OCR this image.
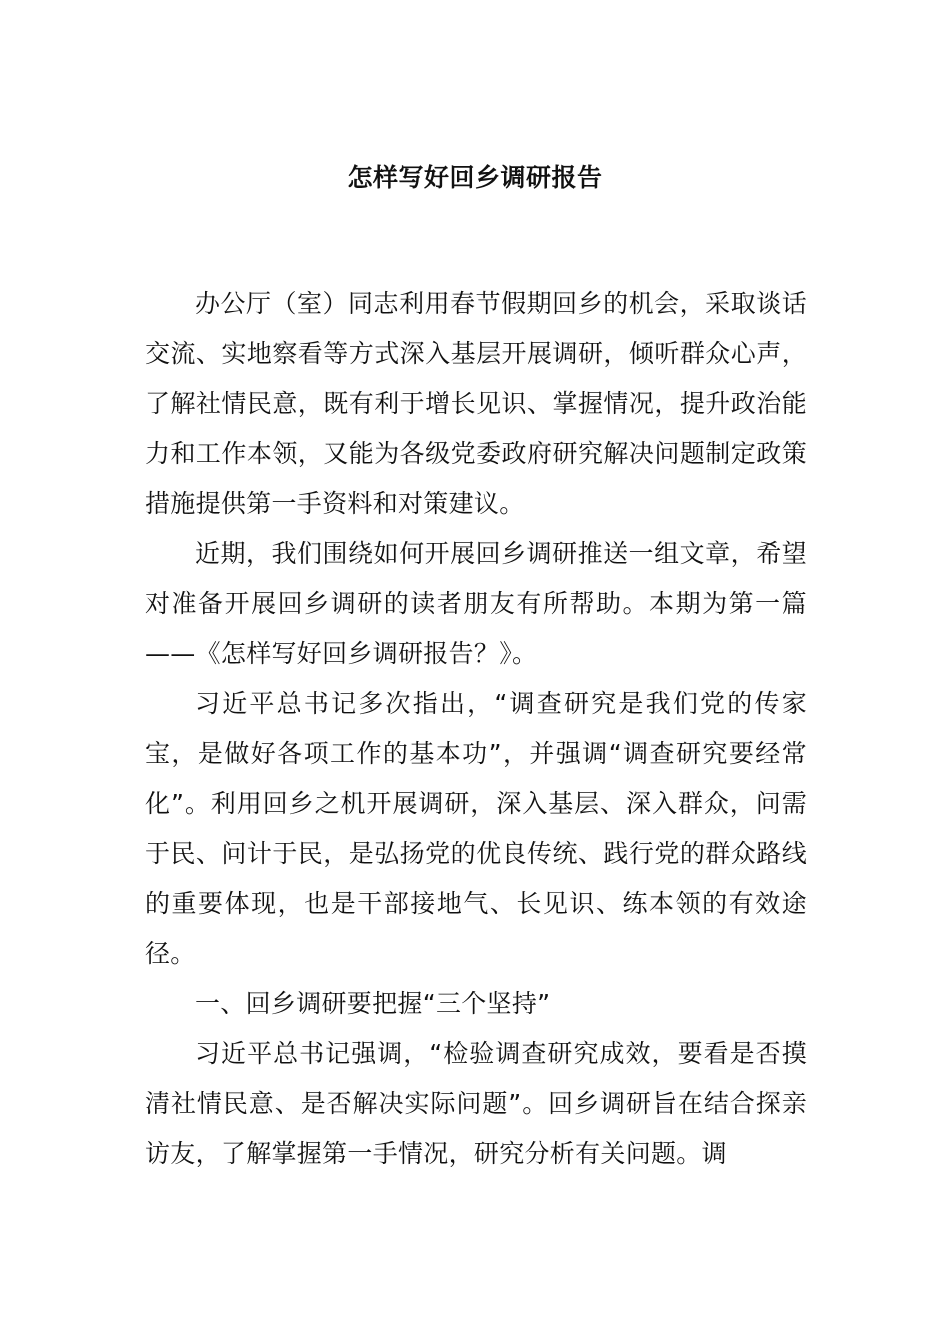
怎样写好回乡调研报告

办公厅（室）同志利用春节假期回乡的机会，采取谈话交流、实地察看等方式深入基层开展调研，倾听群众心声，了解社情民意，既有利于增长见识、掌握情况，提升政治能力和工作本领，又能为各级党委政府研究解决问题制定政策措施提供第一手资料和对策建议。

近期，我们围绕如何开展回乡调研推送一组文章，希望对准备开展回乡调研的读者朋友有所帮助。本期为第一篇——《怎样写好回乡调研报告？》。

习近平总书记多次指出，“调查研究是我们党的传家宝，是做好各项工作的基本功”，并强调“调查研究要经常化”。利用回乡之机开展调研，深入基层、深入群众，问需于民、问计于民，是弘扬党的优良传统、践行党的群众路线的重要体现，也是干部接地气、长见识、练本领的有效途径。

一、回乡调研要把握“三个坚持”

习近平总书记强调，“检验调查研究成效，要看是否摸清社情民意、是否解决实际问题”。回乡调研旨在结合探亲访友，了解掌握第一手情况，研究分析有关问题。调
